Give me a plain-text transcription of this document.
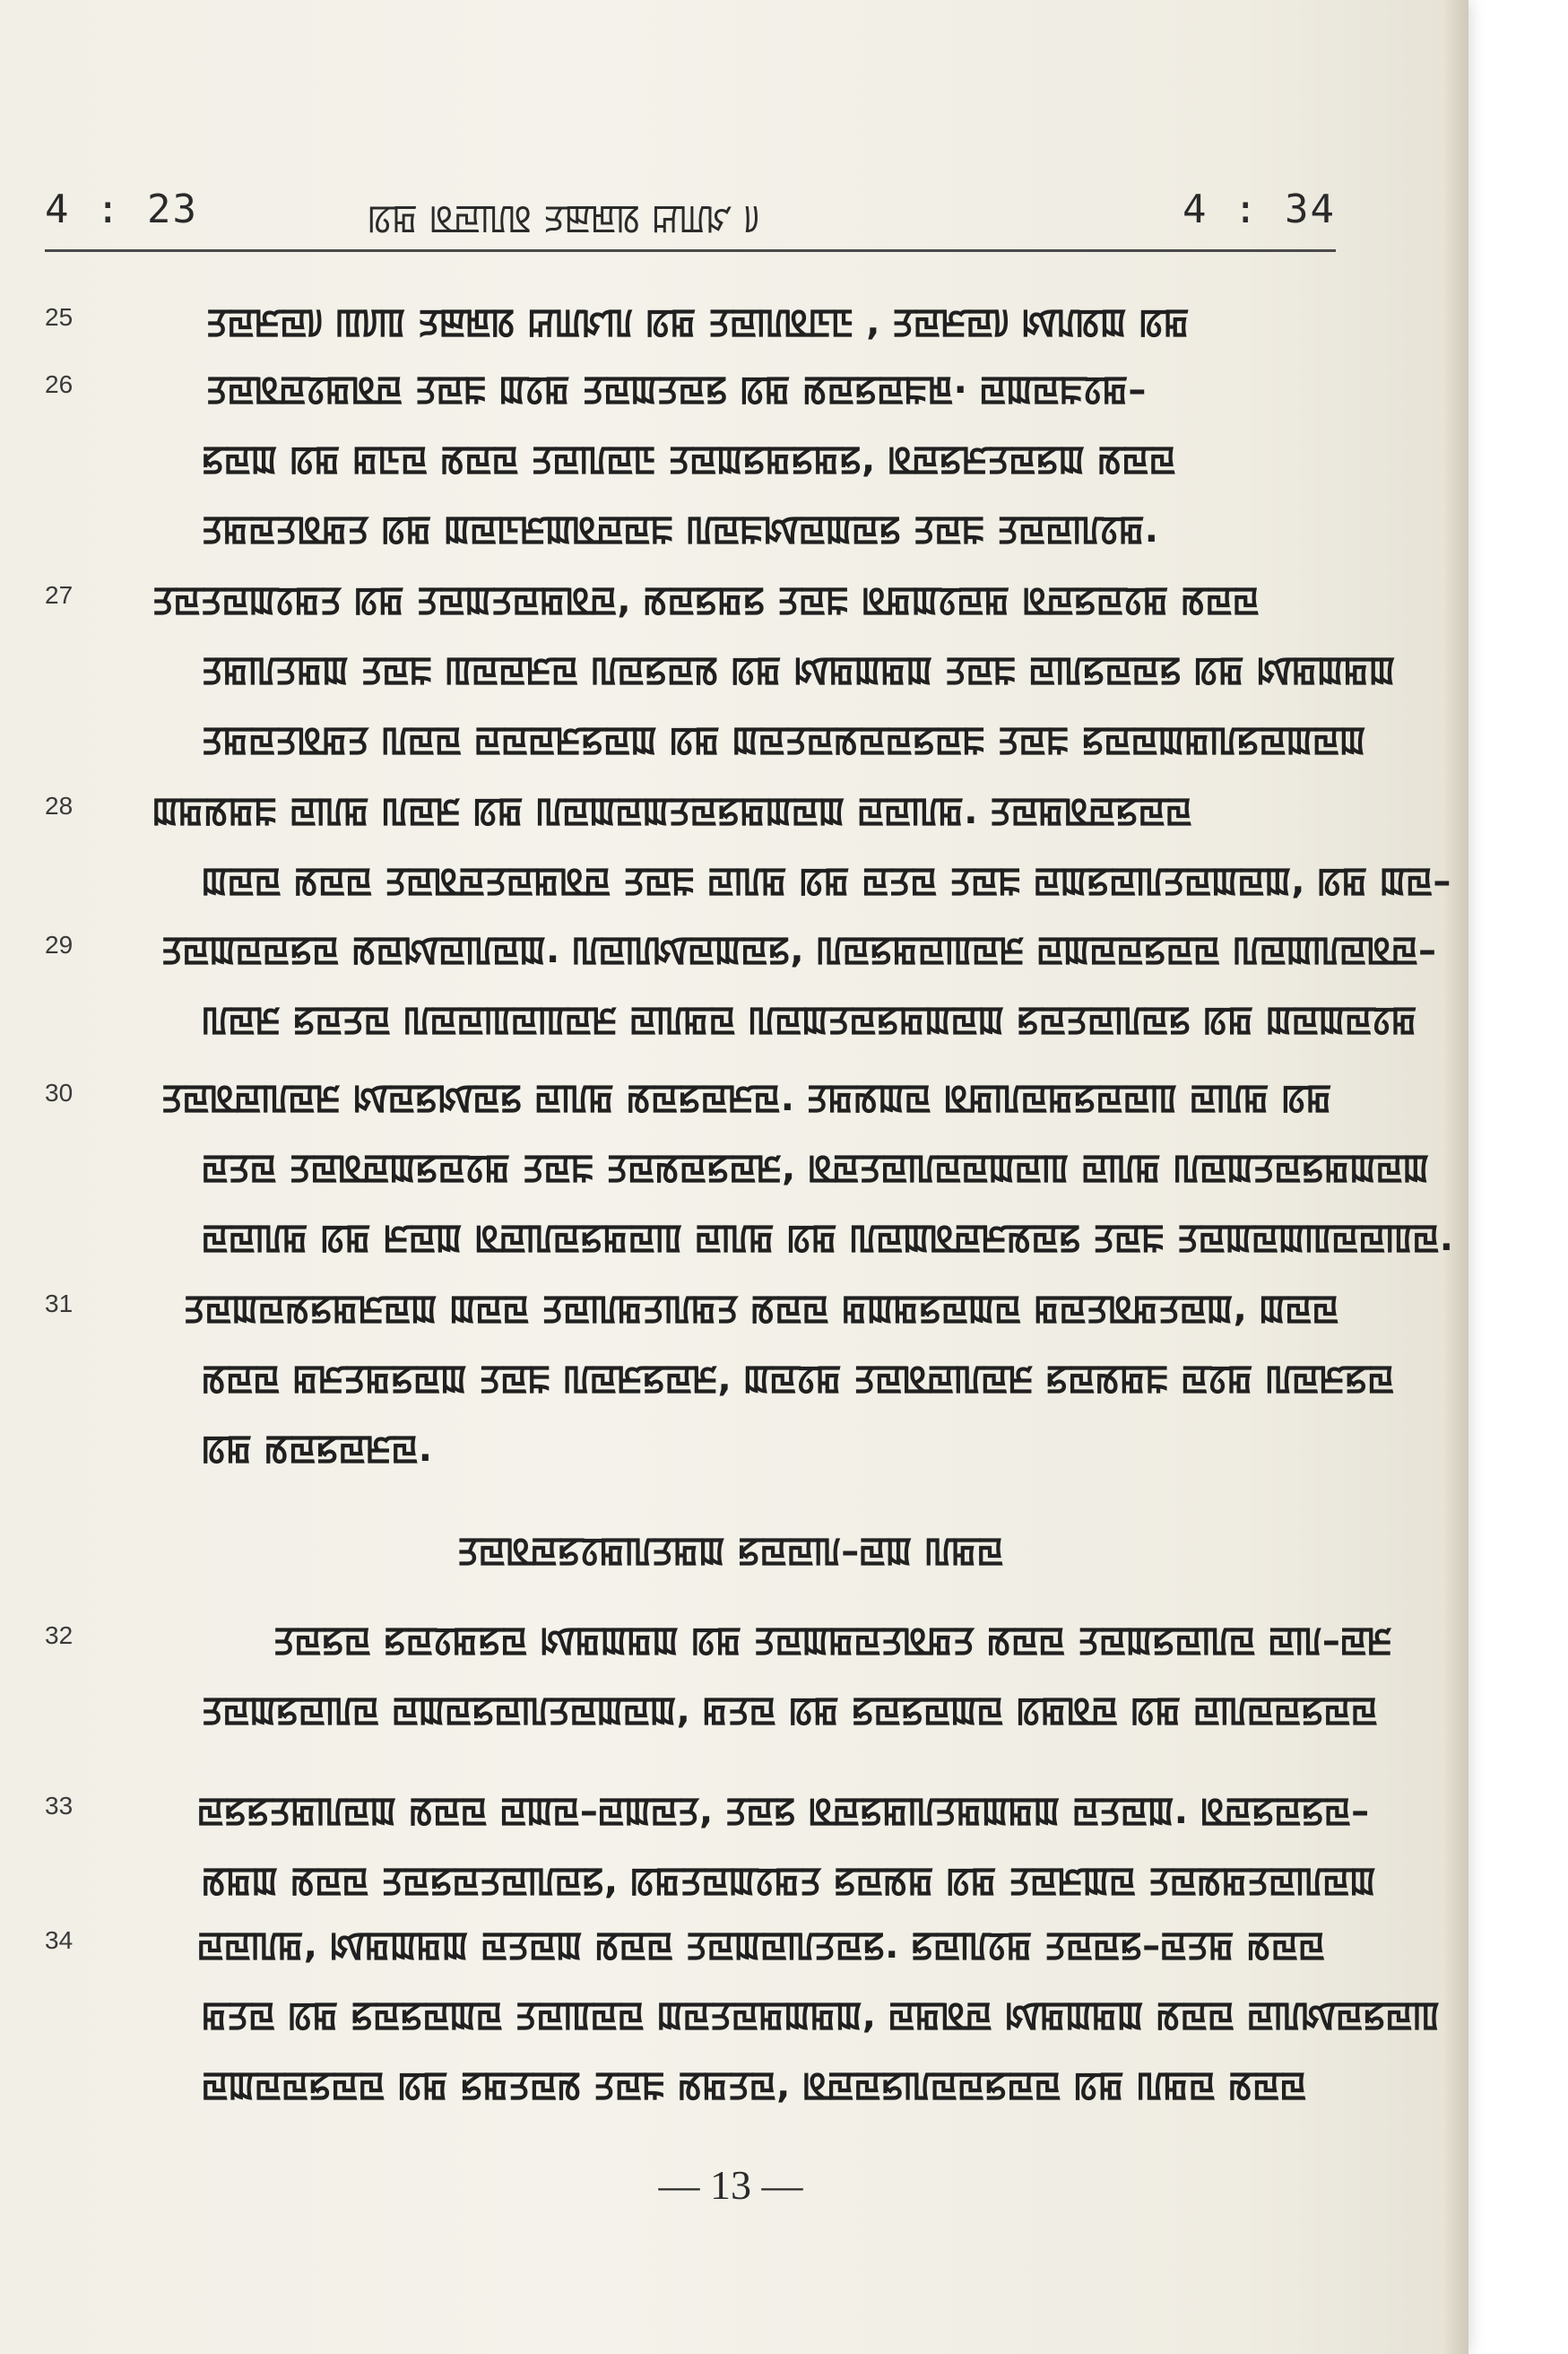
4 : 23	ꡞꡂ ꡬꡙꡃꡬ ꡭꡣꡁꡋ ꡒꡆꡜ ꡨ	4 : 34
25	ꡗꡙꡈꡙꡨ ꡄꡨꡄ ꡭꡣꡁꡋ ꡒꡆꡜꡃ ꡞꡂ ꡗꡙꡃꡬꡇꡇ , ꡗꡙꡈꡙꡨ ꡤꡊꡋꡉ ꡞꡂ
26	ꡗꡙꡬꡙꡞꡂꡬꡙ ꡗꡙꡀ ꡉꡞꡂ ꡗꡙꡉꡗꡙꡝ ꡞꡂ ꡏꡙꡝꡙꡀꡁ· ꡙꡉꡙꡀꡞꡂ–
ꡝꡙꡉ ꡞꡂ ꡂꡇꡙ ꡏꡙꡙ ꡗꡙꡃꡙꡇ ꡗꡙꡉꡝꡂꡝꡂꡝ, ꡬꡙꡝꡈꡗꡙꡝꡉ ꡏꡙꡙ
ꡗꡂꡙꡗꡬꡂꡗ ꡞꡂ ꡉꡙꡇꡈꡉꡬꡙꡙꡀ ꡃꡙꡀꡤꡙꡉꡙꡝ ꡗꡙꡀ ꡗꡙꡙꡃꡞꡂ.
27	ꡗꡙꡗꡙꡉꡞꡂꡗ ꡞꡂ ꡗꡙꡉꡗꡙꡂꡬꡙ, ꡏꡙꡝꡂꡝ ꡗꡙꡀ ꡬꡂꡉꡞꡙꡂ ꡬꡙꡝꡙꡞꡂ ꡏꡙꡙ
ꡗꡂꡃꡗꡂꡉ ꡗꡙꡀ ꡄꡙꡙꡈꡙ ꡃꡙꡝꡙꡏ ꡞꡂ ꡤꡂꡉꡂꡉ ꡗꡙꡀ ꡙꡃꡝꡙꡙꡝ ꡞꡂ ꡤꡂꡉꡂꡉ
ꡗꡂꡙꡗꡬꡂꡗ ꡃꡙꡙ ꡙꡙꡙꡈꡝꡙꡉ ꡞꡂ ꡉꡙꡗꡙꡏꡙꡙꡝꡙꡀ ꡗꡙꡀ ꡝꡙꡙꡉꡂꡃꡝꡙꡉꡙꡉ
28	ꡉꡂꡏꡂꡀ ꡙꡃꡂ ꡃꡙꡈ ꡞꡂ ꡃꡙꡉꡙꡉꡗꡙꡝꡂꡉꡙꡉ ꡙꡙꡃꡂ. ꡗꡙꡂꡬꡙꡝꡙꡙ
ꡉꡙꡙ ꡏꡙꡙ ꡗꡙꡬꡙꡗꡙꡂꡬꡙ ꡗꡙꡀ ꡙꡃꡂ ꡞꡂ ꡙꡗꡙ ꡗꡙꡀ ꡙꡉꡝꡙꡃꡗꡙꡉꡙꡉ, ꡞꡂ ꡉꡙ–
29	ꡗꡙꡉꡙꡙꡝꡙ ꡏꡙꡤꡙꡃꡙꡉ. ꡃꡙꡃꡤꡙꡉꡙꡝ, ꡃꡙꡝꡂꡙꡄꡙꡈ ꡙꡉꡙꡙꡝꡙꡙ ꡃꡙꡉꡃꡙꡬꡙ–
ꡃꡙꡈ ꡝꡙꡗꡙ ꡃꡙꡙꡄꡙꡄꡙꡈ ꡙꡃꡂꡙ ꡃꡙꡉꡗꡙꡝꡂꡉꡙꡉ ꡝꡙꡗꡙꡃꡙꡝ ꡞꡂ ꡉꡙꡉꡙꡞꡂ
30	ꡗꡙꡬꡙꡃꡙꡈ ꡤꡙꡝꡤꡙꡝ ꡙꡃꡂ ꡏꡙꡝꡙꡈꡙ. ꡗꡂꡏꡉꡙ ꡬꡂꡃꡙꡂꡝꡙꡙꡄ ꡙꡃꡂ ꡞꡂ
ꡙꡗꡙ ꡗꡙꡬꡙꡉꡝꡙꡞꡂ ꡗꡙꡀ ꡗꡙꡏꡙꡝꡙꡈ, ꡬꡙꡗꡙꡃꡙꡙꡉꡙꡄ ꡙꡃꡂ ꡃꡙꡉꡗꡙꡝꡂꡉꡙꡉ
ꡙꡙꡃꡂ ꡞꡂ ꡈꡙꡉ ꡬꡙꡃꡙꡝꡂꡙꡄ ꡙꡃꡂ ꡞꡂ ꡃꡙꡉꡬꡙꡈꡏꡙꡝ ꡗꡙꡀ ꡗꡙꡉꡙꡉꡄꡙꡙꡄꡙ.
31	ꡗꡙꡉꡙꡏꡝꡂꡈꡙꡉ ꡉꡙꡙ ꡗꡙꡃꡂꡗꡃꡂꡗ ꡏꡙꡙ ꡂꡉꡂꡝꡙꡉꡙ ꡂꡙꡗꡬꡂꡗꡙꡉ, ꡉꡙꡙ
ꡏꡙꡙ ꡂꡈꡗꡂꡝꡙꡉ ꡗꡙꡀ ꡃꡙꡈꡝꡙꡈ, ꡉꡙꡞꡂ ꡗꡙꡬꡙꡃꡙꡈ ꡝꡙꡏꡂꡀ ꡙꡞꡂ ꡃꡙꡈꡝꡙ
ꡞꡂ ꡏꡙꡝꡙꡈꡙ.
32	ꡗꡙꡝꡙ ꡝꡙꡞꡂꡝꡙ ꡤꡂꡉꡂꡉ ꡞꡂ ꡗꡙꡉꡂꡙꡗꡬꡂꡗ ꡏꡙꡙ ꡗꡙꡉꡝꡙꡃꡙ ꡙꡃ–ꡙꡈ
ꡗꡙꡉꡝꡙꡃꡙ ꡙꡉꡙꡝꡙꡃꡗꡙꡉꡙꡉ, ꡂꡗꡙ ꡞꡂ ꡝꡙꡝꡙꡉꡙ ꡞꡂꡬꡙ ꡞꡂ ꡙꡃꡙꡙꡝꡙꡙ
33	ꡙꡝꡝꡗꡂꡃꡙꡉ ꡏꡙꡙ ꡙꡉꡙ–ꡙꡉꡙꡗ, ꡗꡙꡝ ꡬꡙꡝꡂꡃꡗꡂꡉꡂꡉ ꡙꡗꡙꡉ. ꡬꡙꡝꡙꡝꡙ–
ꡏꡂꡉ ꡏꡙꡙ ꡗꡙꡝꡙꡗꡙꡃꡙꡝ, ꡞꡂꡗꡙꡉꡞꡂꡗ ꡝꡙꡏꡂ ꡞꡂ ꡗꡙꡈꡉꡙ ꡗꡙꡏꡂꡗꡙꡃꡙꡉ
34	ꡙꡙꡃꡂ, ꡤꡂꡉꡂꡉ ꡙꡗꡙꡉ ꡏꡙꡙ ꡗꡙꡉꡙꡃꡗꡙꡝ. ꡝꡙꡃꡞꡂ ꡗꡙꡙꡝ–ꡙꡗꡂ ꡏꡙꡙ
ꡂꡗꡙ ꡞꡂ ꡝꡙꡝꡙꡉꡙ ꡗꡙꡄꡙꡙ ꡉꡙꡗꡙꡂꡉꡂꡉ, ꡙꡂꡬꡙ ꡤꡂꡉꡂꡉ ꡏꡙꡙ ꡙꡃꡤꡙꡝꡙꡄ
ꡙꡉꡙꡙꡝꡙꡙ ꡞꡂ ꡝꡂꡗꡙꡏ ꡗꡙꡀ ꡏꡂꡗꡙ, ꡬꡙꡙꡝꡃꡙꡙꡝꡙꡙ ꡞꡂ ꡃꡂꡙ ꡏꡙꡙ
ꡗꡙꡬꡙꡝꡞꡂꡃꡗꡂꡉ ꡝꡙꡙꡃ–ꡙꡉ ꡃꡂꡙ
— 13 —
